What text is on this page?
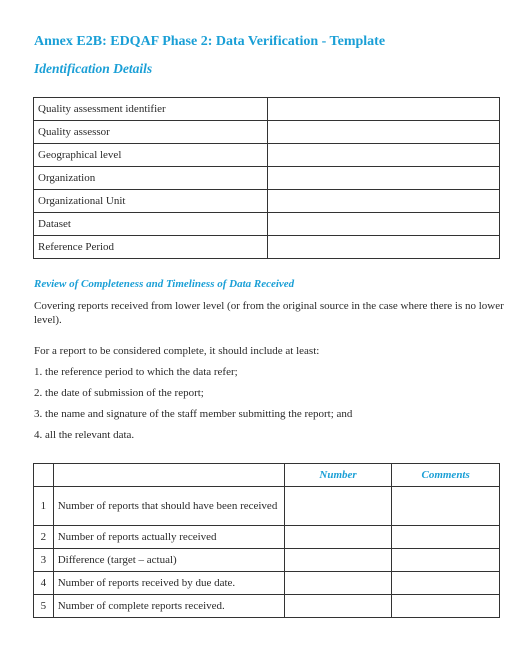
Annex E2B: EDQAF Phase 2: Data Verification - Template
Identification Details
Quality assessment identifier	
Quality assessor	
Geographical level	
Organization	
Organizational Unit	
Dataset	
Reference Period	
Review of Completeness and Timeliness of Data Received
Covering reports received from lower level (or from the original source in the case where there is no lower level).
For a report to be considered complete, it should include at least:
1. the reference period to which the data refer;
2. the date of submission of the report;
3. the name and signature of the staff member submitting the report; and
4. all the relevant data.
		Number	Comments
1	Number of reports that should have been received		
2	Number of reports actually received		
3	Difference (target – actual)		
4	Number of reports received by due date.		
5	Number of complete reports received.		
